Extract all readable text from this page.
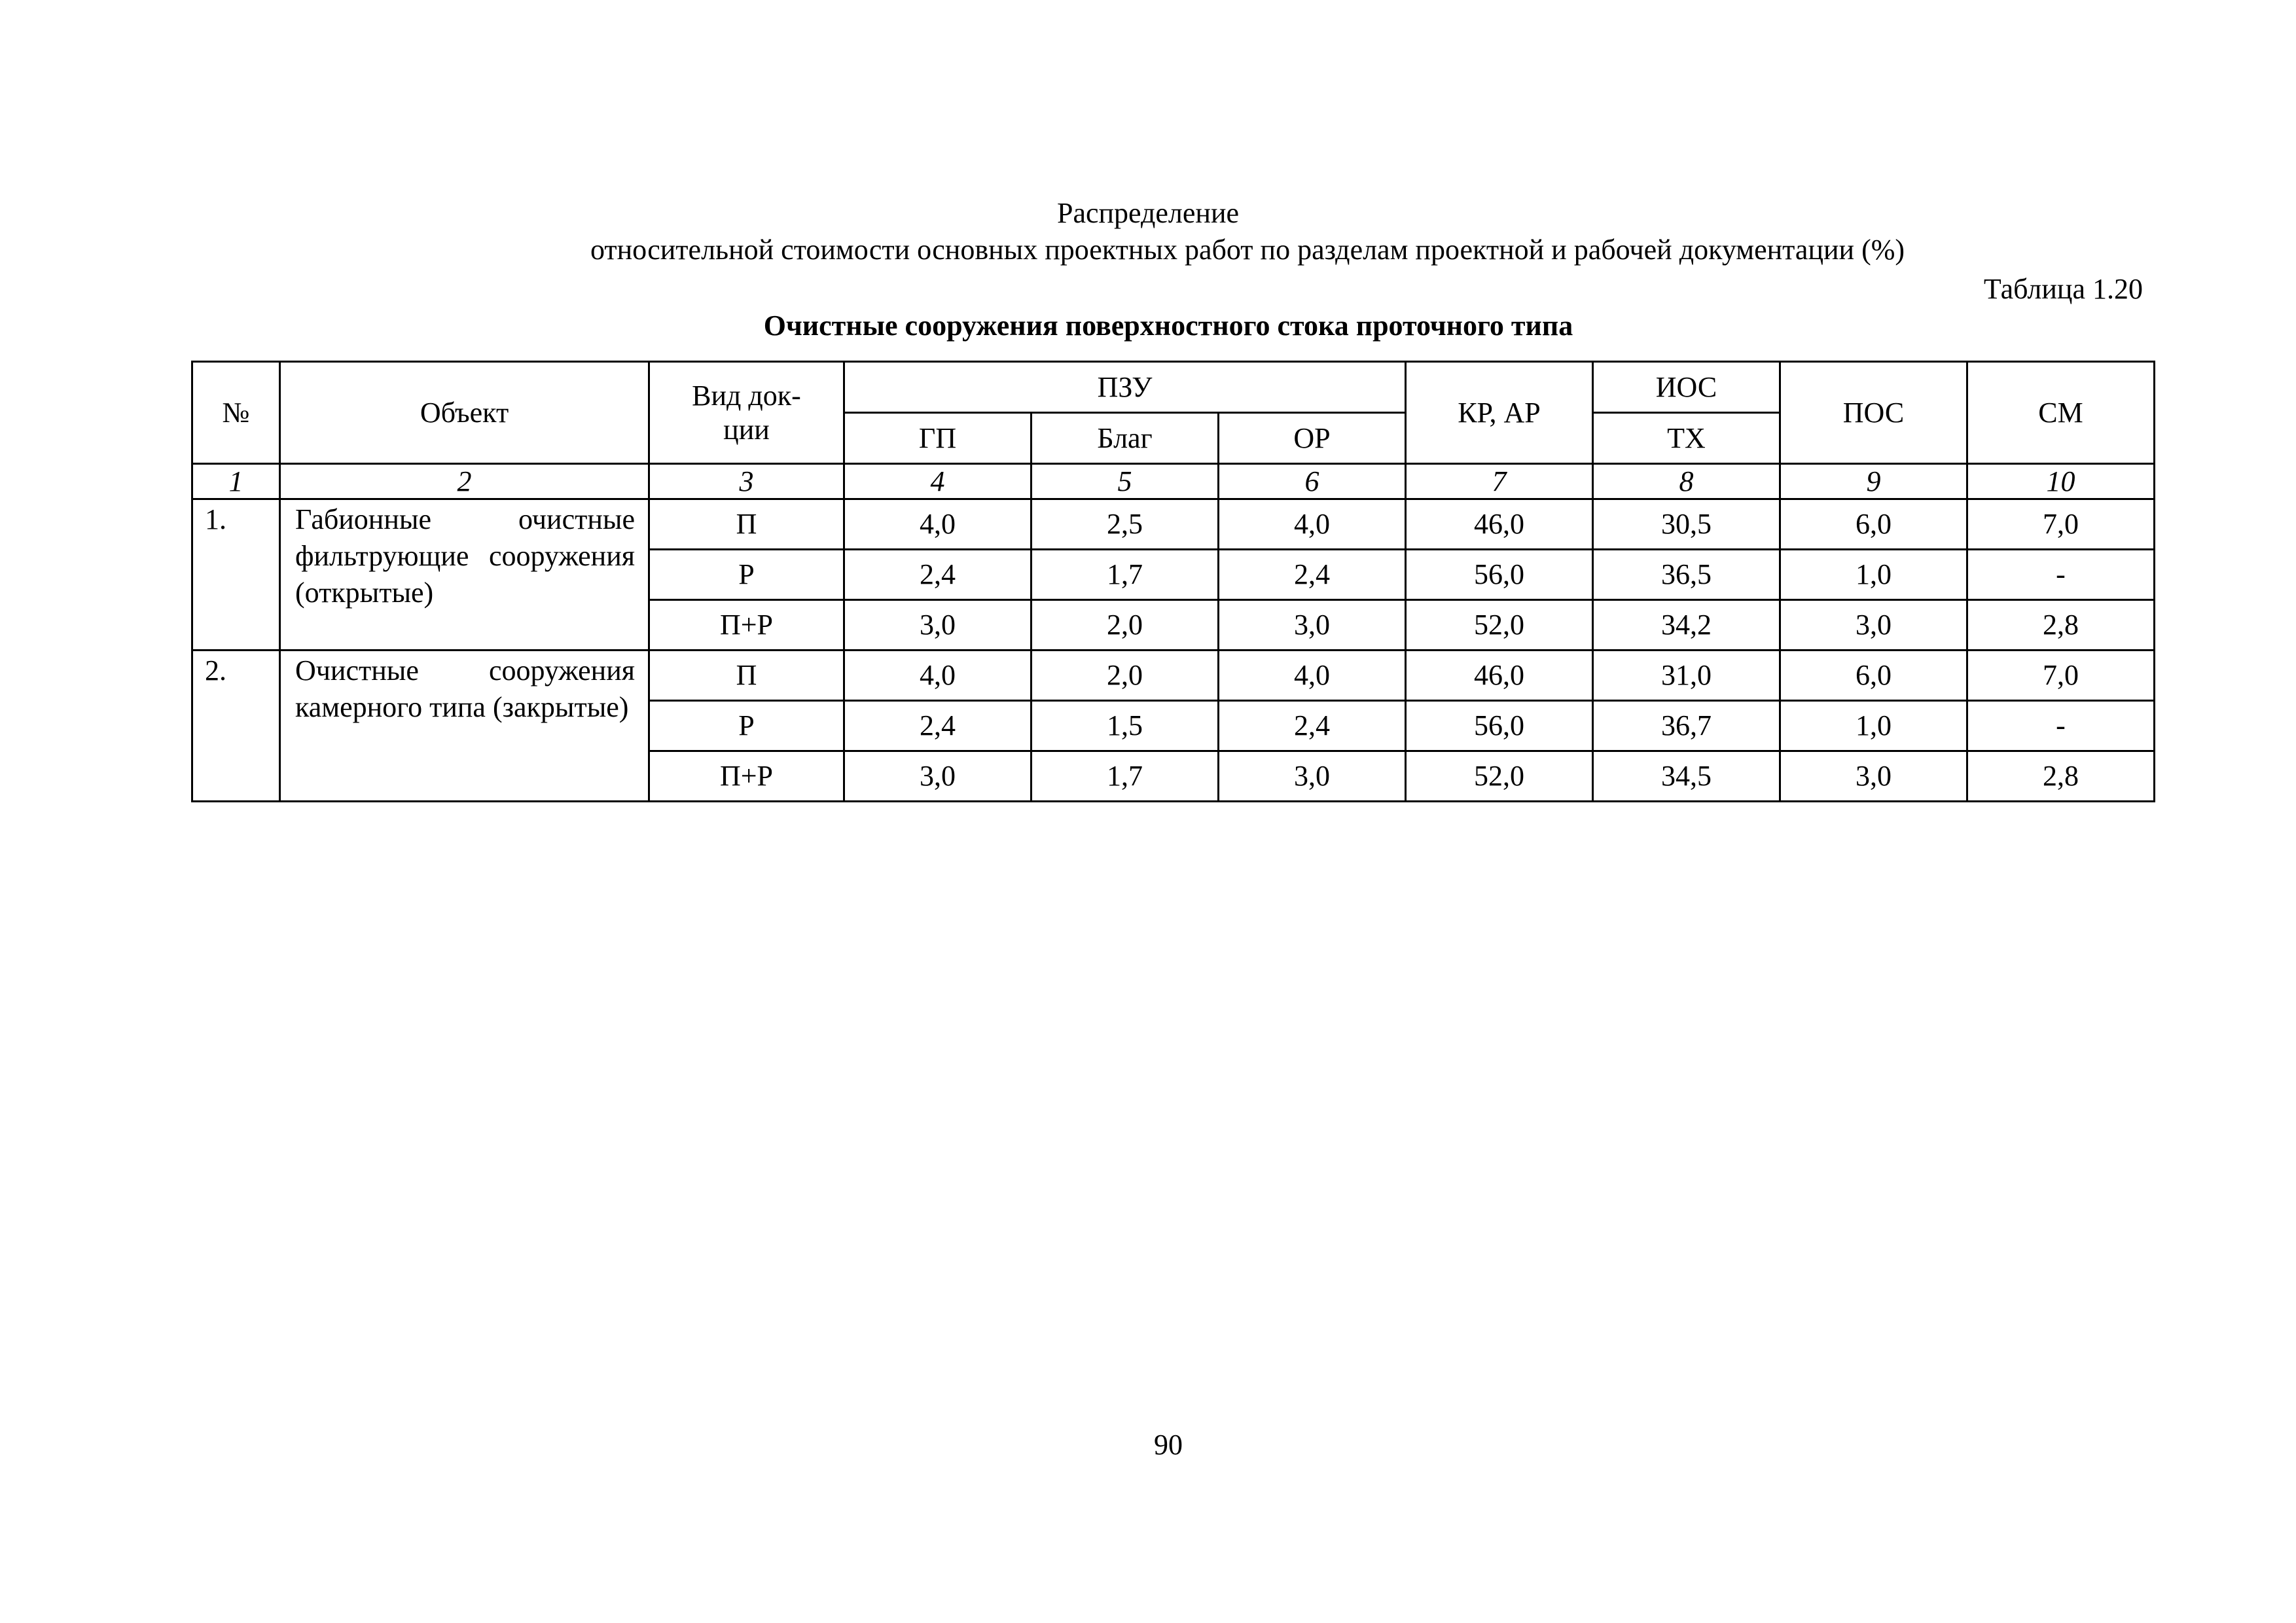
Распределение
относительной стоимости основных проектных работ по разделам проектной и рабочей документации (%)
Таблица 1.20
Очистные сооружения поверхностного стока проточного типа
№	Объект	Вид док-ции	ПЗУ			КР, АР	ИОС	ПОС	СМ
			ГП	Благ	ОР		ТХ		
1	2	3	4	5	6	7	8	9	10
1.	Габионные очистные фильтрующие сооружения (открытые)	П	4,0	2,5	4,0	46,0	30,5	6,0	7,0
		Р	2,4	1,7	2,4	56,0	36,5	1,0	-
		П+Р	3,0	2,0	3,0	52,0	34,2	3,0	2,8
2.	Очистные сооружения камерного типа (закрытые)	П	4,0	2,0	4,0	46,0	31,0	6,0	7,0
		Р	2,4	1,5	2,4	56,0	36,7	1,0	-
		П+Р	3,0	1,7	3,0	52,0	34,5	3,0	2,8
90
